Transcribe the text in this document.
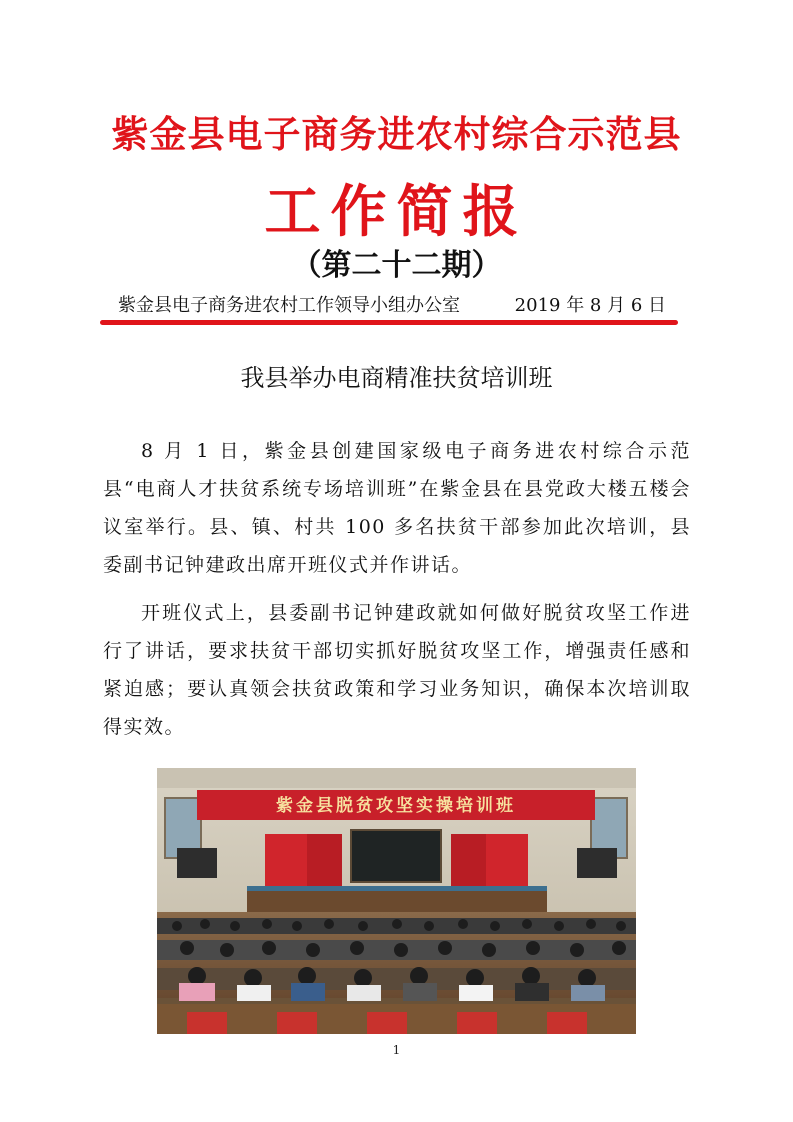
紫金县电子商务进农村综合示范县
工作简报
（第二十二期）
紫金县电子商务进农村工作领导小组办公室	2019 年 8 月 6 日
我县举办电商精准扶贫培训班

8 月 1 日，紫金县创建国家级电子商务进农村综合示范县“电商人才扶贫系统专场培训班”在紫金县在县党政大楼五楼会议室举行。县、镇、村共 100 多名扶贫干部参加此次培训，县委副书记钟建政出席开班仪式并作讲话。

开班仪式上，县委副书记钟建政就如何做好脱贫攻坚工作进行了讲话，要求扶贫干部切实抓好脱贫攻坚工作，增强责任感和紧迫感；要认真领会扶贫政策和学习业务知识，确保本次培训取得实效。

紫金县脱贫攻坚实操培训班
1
